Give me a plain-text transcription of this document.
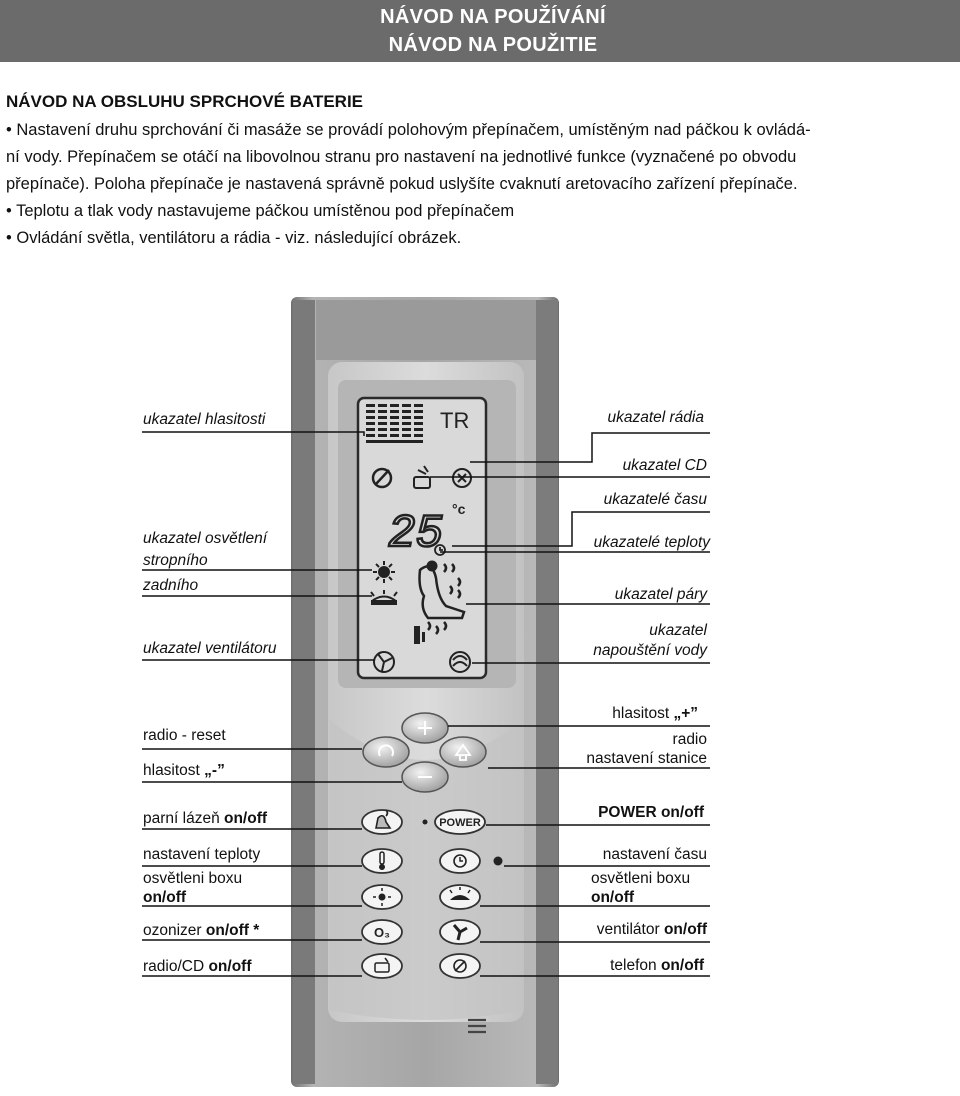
NÁVOD NA POUŽÍVÁNÍ
NÁVOD NA POUŽITIE
NÁVOD NA OBSLUHU SPRCHOVÉ BATERIE

• Nastavení druhu sprchování či masáže se provádí polohovým přepínačem, umístěným nad páčkou k ovládá-

ní vody. Přepínačem se otáčí na libovolnou stranu pro nastavení na jednotlivé funkce (vyznačené po obvodu

přepínače). Poloha přepínače je nastavená správně pokud uslyšíte cvaknutí aretovacího zařízení přepínače.

• Teplotu a tlak vody nastavujeme páčkou umístěnou pod přepínačem

• Ovládání světla, ventilátoru a rádia - viz. následující obrázek.

TR
25 °c
POWER
O₃
ukazatel hlasitosti
ukazatel osvětlení
stropního
zadního
ukazatel ventilátoru
radio - reset
hlasitost „-”
parní lázeň on/off
nastavení teploty
osvětleni boxu
on/off
ozonizer on/off *
radio/CD on/off
ukazatel rádia
ukazatel CD
ukazatelé času
ukazatelé teploty
ukazatel páry
ukazatel
napouštění vody
hlasitost „+”
radio
nastavení stanice
POWER on/off
nastavení času
osvětleni boxu
on/off
ventilátor on/off
telefon on/off
